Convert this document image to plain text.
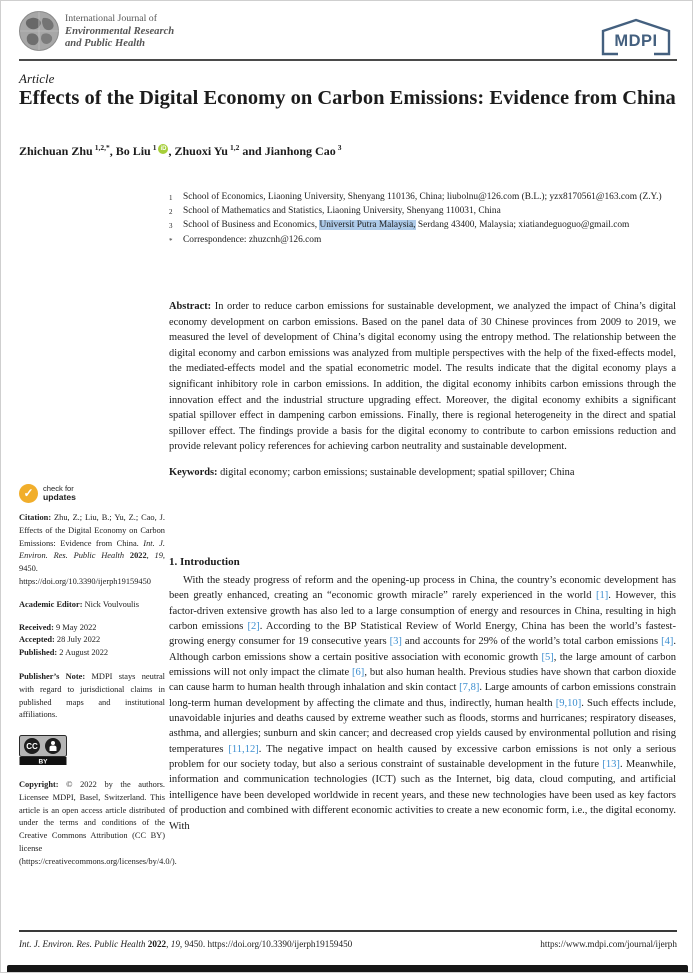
International Journal of
Environmental Research
and Public Health	MDPI
Article
Effects of the Digital Economy on Carbon Emissions: Evidence from China
Zhichuan Zhu $^{1,2,*}$, Bo Liu $^1$ iD , Zhuoxi Yu $^{1,2}$ and Jianhong Cao $^3$
1	School of Economics, Liaoning University, Shenyang 110136, China; liubolnu@126.com (B.L.); yzx8170561@163.com (Z.Y.)
2	School of Mathematics and Statistics, Liaoning University, Shenyang 110031, China
3	School of Business and Economics, Universit Putra Malaysia, Serdang 43400, Malaysia; xiatiandeguoguo@gmail.com
*	Correspondence: zhuzcnh@126.com
Abstract: In order to reduce carbon emissions for sustainable development, we analyzed the impact of China’s digital economy development on carbon emissions. Based on the panel data of 30 Chinese provinces from 2009 to 2019, we measured the level of development of China’s digital economy using the entropy method. The relationship between the digital economy and carbon emissions was analyzed from multiple perspectives with the help of the fixed-effects model, the mediated-effects model and the spatial econometric model. The results indicate that the digital economy plays a significant inhibitory role in carbon emissions. In addition, the digital economy inhibits carbon emissions through the innovation effect and the industrial structure upgrading effect. Moreover, the digital economy exhibits a significant spatial spillover effect in dampening carbon emissions. Finally, there is regional heterogeneity in the direct and spatial spillover effect. The findings provide a basis for the digital economy to contribute to carbon emissions reduction and provide relevant policy references for achieving carbon neutrality and sustainable development.
Keywords: digital economy; carbon emissions; sustainable development; spatial spillover; China
✓	check for
updates
Citation: Zhu, Z.; Liu, B.; Yu, Z.; Cao, J. Effects of the Digital Economy on Carbon Emissions: Evidence from China. Int. J. Environ. Res. Public Health 2022, 19, 9450. https://doi.org/10.3390/ijerph19159450
Academic Editor: Nick Voulvoulis
Received: 9 May 2022
Accepted: 28 July 2022
Published: 2 August 2022
Publisher’s Note: MDPI stays neutral with regard to jurisdictional claims in published maps and institutional affiliations.
CC
BY
Copyright: © 2022 by the authors. Licensee MDPI, Basel, Switzerland. This article is an open access article distributed under the terms and conditions of the Creative Commons Attribution (CC BY) license (https://creativecommons.org/licenses/by/4.0/).
1. Introduction
With the steady progress of reform and the opening-up process in China, the country’s economic development has been greatly enhanced, creating an “economic growth miracle” rarely experienced in the world [1]. However, this factor-driven extensive growth has also led to a large consumption of energy and resources in China, resulting in high carbon emissions [2]. According to the BP Statistical Review of World Energy, China has been the world’s fastest-growing energy consumer for 19 consecutive years [3] and accounts for 29% of the world’s total carbon emissions [4]. Although carbon emissions show a certain positive association with economic growth [5], the large amount of carbon emissions will not only impact the climate [6], but also human health. Previous studies have shown that carbon dioxide can cause harm to human health through inhalation and skin contact [7,8]. Large amounts of carbon emissions constrain long-term human development by affecting the climate and thus, indirectly, human health [9,10]. Such effects include, unavoidable injuries and deaths caused by extreme weather such as floods, storms and hurricanes; respiratory diseases, asthma, and allergies; sunburn and skin cancer; and decreased crop yields caused by environmental pollution and rising temperatures [11,12]. The negative impact on health caused by excessive carbon emissions is not only a serious problem for our society today, but also a serious constraint of sustainable development in the future [13]. Meanwhile, information and communication technologies (ICT) such as the Internet, big data, cloud computing, and artificial intelligence have been developed worldwide in recent years, and these new technologies have been used as key factors of production and combined with different economic activities to create a new economic form, i.e., the digital economy. With
Int. J. Environ. Res. Public Health 2022, 19, 9450. https://doi.org/10.3390/ijerph19159450	https://www.mdpi.com/journal/ijerph
